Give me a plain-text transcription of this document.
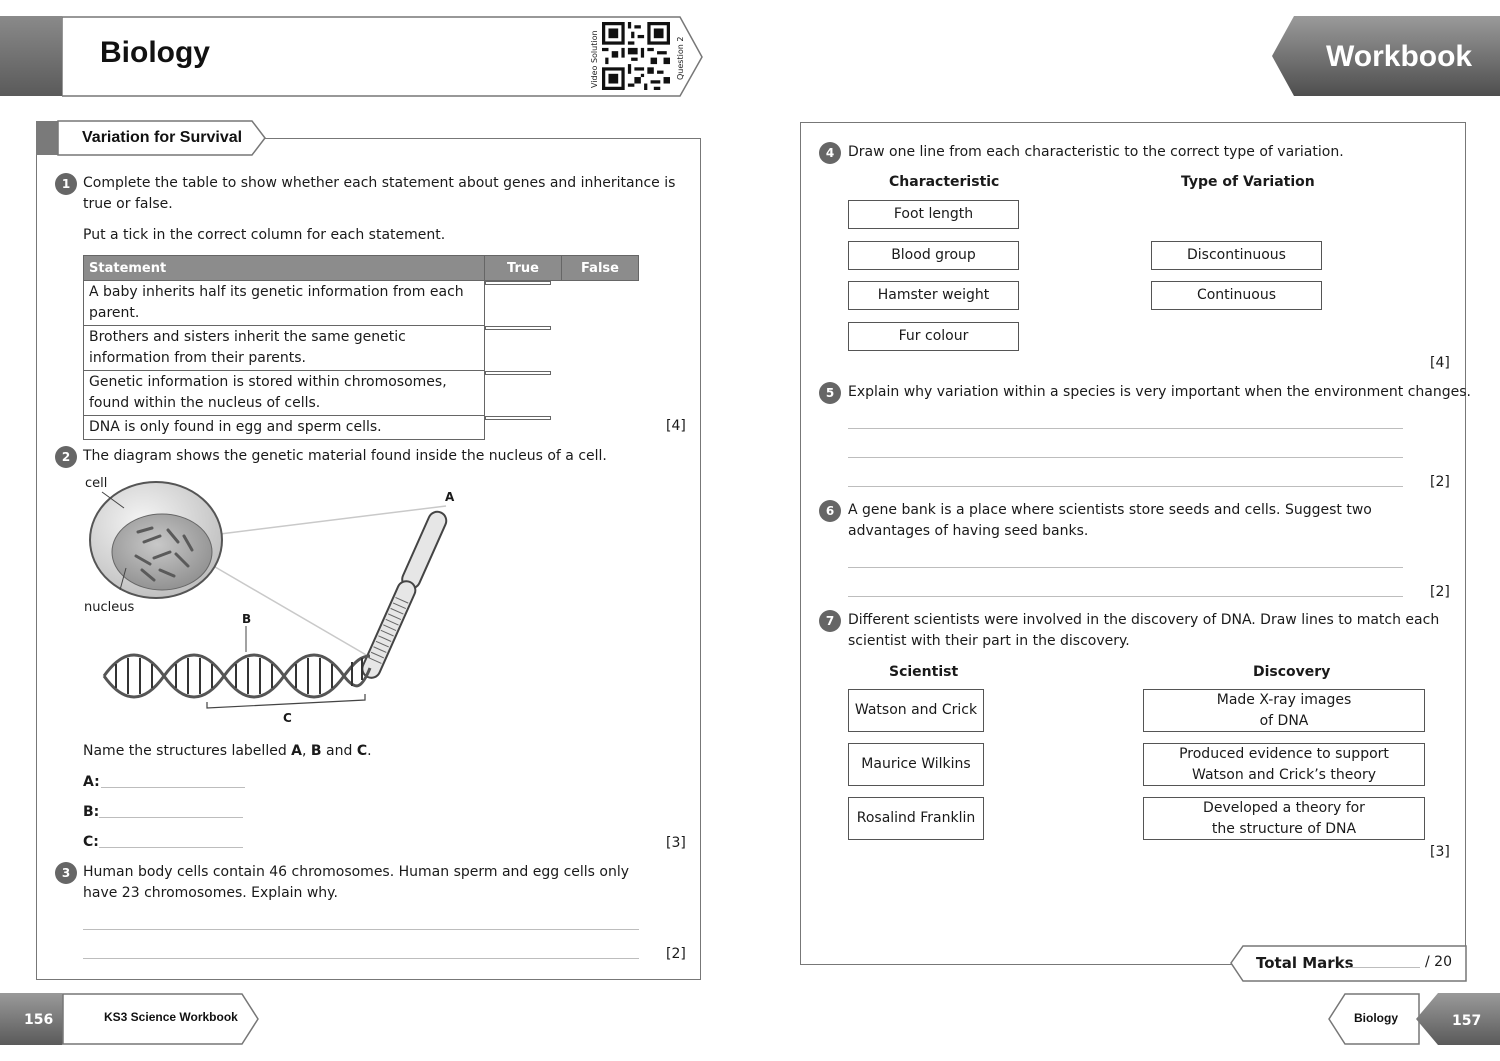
Biology	Video Solution	Question 2	Workbook
Variation for Survival
1 Complete the table to show whether each statement about genes and inheritance is true or false.
Put a tick in the correct column for each statement.
Statement	True	False
A baby inherits half its genetic information from each parent.	

Brothers and sisters inherit the same genetic information from their parents.	

Genetic information is stored within chromosomes, found within the nucleus of cells.	

DNA is only found in egg and sperm cells.		[4]
2 The diagram shows the genetic material found inside the nucleus of a cell.
cell
nucleus
A
B
C
Name the structures labelled A, B and C.
A:
B:
C:	[3]
3 Human body cells contain 46 chromosomes. Human sperm and egg cells only have 23 chromosomes. Explain why.
[2]
4 Draw one line from each characteristic to the correct type of variation.
Characteristic	Type of Variation
Foot length
Blood group
Hamster weight
Fur colour
Discontinuous
Continuous
[4]
5 Explain why variation within a species is very important when the environment changes.
[2]
6 A gene bank is a place where scientists store seeds and cells. Suggest two advantages of having seed banks.
[2]
7 Different scientists were involved in the discovery of DNA. Draw lines to match each scientist with their part in the discovery.
Scientist	Discovery
Watson and Crick
Maurice Wilkins
Rosalind Franklin
Made X-ray images
of DNA
Produced evidence to support
Watson and Crick’s theory
Developed a theory for
the structure of DNA
[3]
Total Marks	/ 20
156	KS3 Science Workbook	Biology	157
